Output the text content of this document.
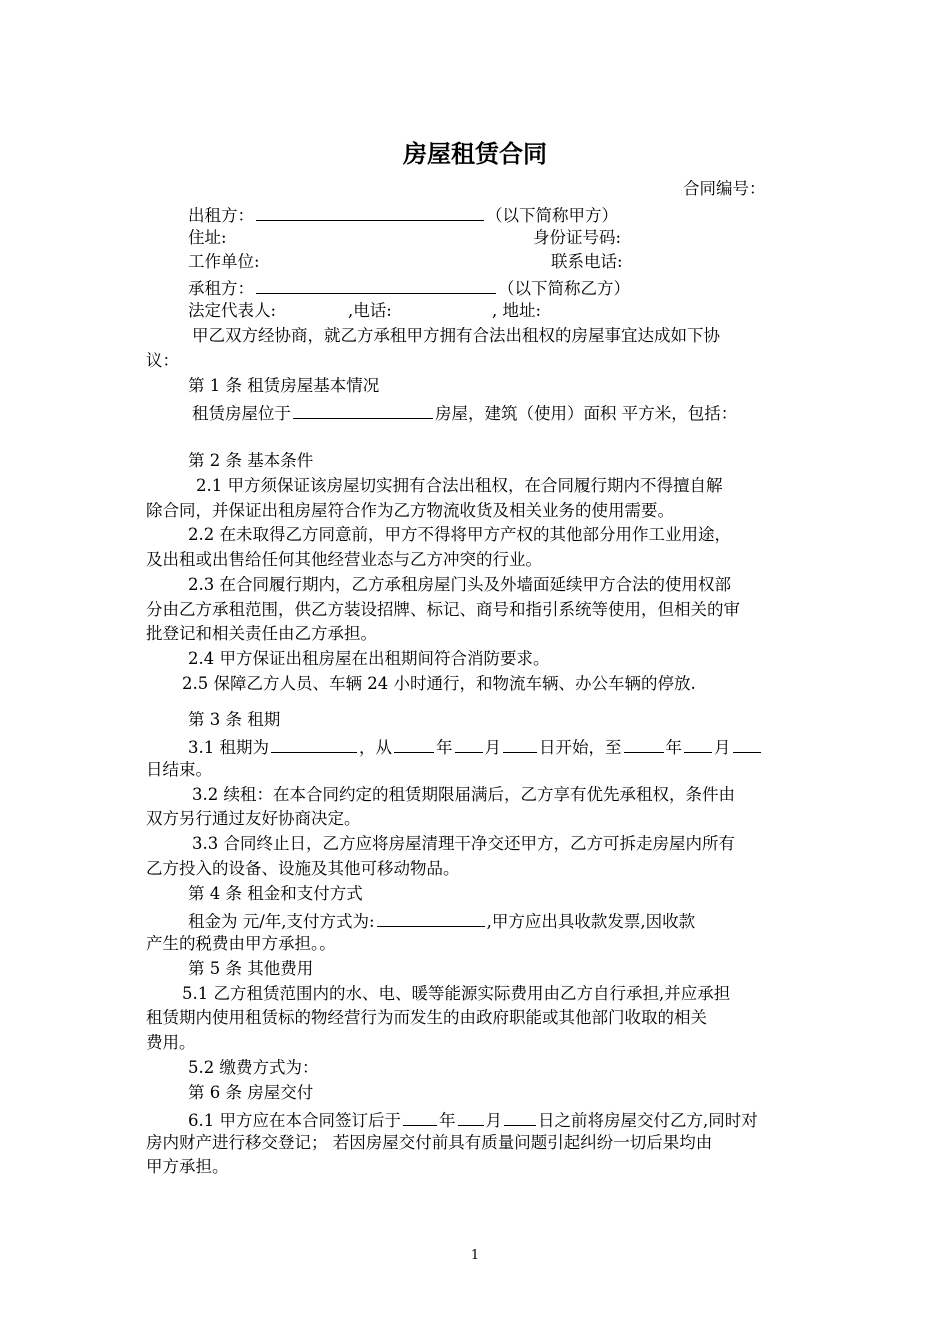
房屋租赁合同
合同编号：
出租方：	（以下简称甲方）
住址:	身份证号码:
工作单位:	联系电话:
承租方：	（以下简称乙方）
法定代表人:	,电话:	, 地址:
甲乙双方经协商，就乙方承租甲方拥有合法出租权的房屋事宜达成如下协
议：
第 1 条 租赁房屋基本情况
租赁房屋位于	房屋，建筑（使用）面积 平方米，包括：
第 2 条 基本条件
2.1 甲方须保证该房屋切实拥有合法出租权，在合同履行期内不得擅自解
除合同，并保证出租房屋符合作为乙方物流收货及相关业务的使用需要。
2.2 在未取得乙方同意前，甲方不得将甲方产权的其他部分用作工业用途，
及出租或出售给任何其他经营业态与乙方冲突的行业。
2.3 在合同履行期内，乙方承租房屋门头及外墙面延续甲方合法的使用权部
分由乙方承租范围，供乙方装设招牌、标记、商号和指引系统等使用，但相关的审
批登记和相关责任由乙方承担。
2.4 甲方保证出租房屋在出租期间符合消防要求。
2.5 保障乙方人员、车辆 24 小时通行，和物流车辆、办公车辆的停放.
第 3 条 租期
3.1 租期为	，从	年 月 日开始，至	年 月
日结束。
3.2 续租：在本合同约定的租赁期限届满后，乙方享有优先承租权，条件由
双方另行通过友好协商决定。
3.3 合同终止日，乙方应将房屋清理干净交还甲方，乙方可拆走房屋内所有
乙方投入的设备、设施及其他可移动物品。
第 4 条 租金和支付方式
租金为 元/年,支付方式为:	,甲方应出具收款发票,因收款
产生的税费由甲方承担。。
第 5 条 其他费用
5.1 乙方租赁范围内的水、电、暖等能源实际费用由乙方自行承担,并应承担
租赁期内使用租赁标的物经营行为而发生的由政府职能或其他部门收取的相关
费用。
5.2 缴费方式为：
第 6 条 房屋交付
6.1 甲方应在本合同签订后于 年 月 日之前将房屋交付乙方,同时对
房内财产进行移交登记； 若因房屋交付前具有质量问题引起纠纷一切后果均由
甲方承担。
1
